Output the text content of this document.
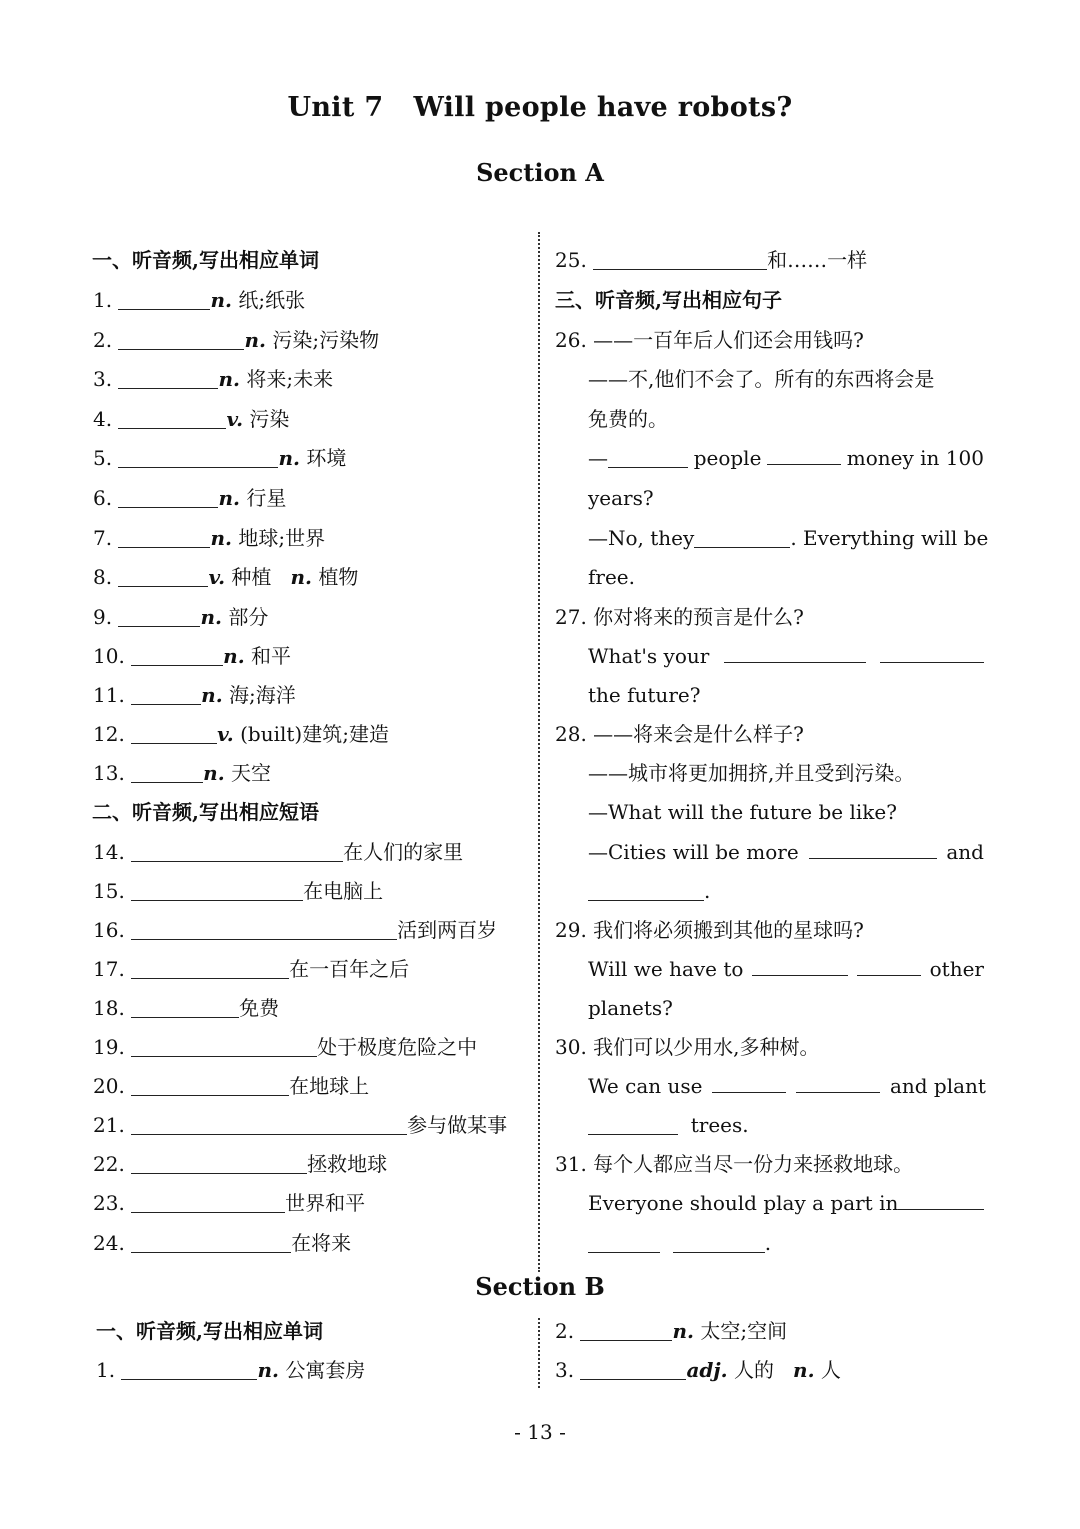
Unit 7 Will people have robots?
Section A
一、听音频,写出相应单词
1.	n. 纸;纸张
2.	n. 污染;污染物
3.	n. 将来;未来
4.	v. 污染
5.	n. 环境
6.	n. 行星
7.	n. 地球;世界
8.	v. 种植 n. 植物
9.	n. 部分
10.	n. 和平
11.	n. 海;海洋
12.	v. (built)建筑;建造
13.	n. 天空
二、听音频,写出相应短语
14.	在人们的家里
15.	在电脑上
16.	活到两百岁
17.	在一百年之后
18.	免费
19.	处于极度危险之中
20.	在地球上
21.	参与做某事
22.	拯救地球
23.	世界和平
24.	在将来
25.	和……一样
三、听音频,写出相应句子
26. ——一百年后人们还会用钱吗?
——不,他们不会了。所有的东西将会是
免费的。
—	people	money in 100
years?
—No, they	. Everything will be
free.
27. 你对将来的预言是什么?
What's your
the future?
28. ——将来会是什么样子?
——城市将更加拥挤,并且受到污染。
—What will the future be like?
—Cities will be more	and
.
29. 我们将必须搬到其他的星球吗?
Will we have to	other
planets?
30. 我们可以少用水,多种树。
We can use	and plant
trees.
31. 每个人都应当尽一份力来拯救地球。
Everyone should play a part in
.
Section B
一、听音频,写出相应单词
1.	n. 公寓套房
2.	n. 太空;空间
3.	adj. 人的 n. 人
- 13 -
